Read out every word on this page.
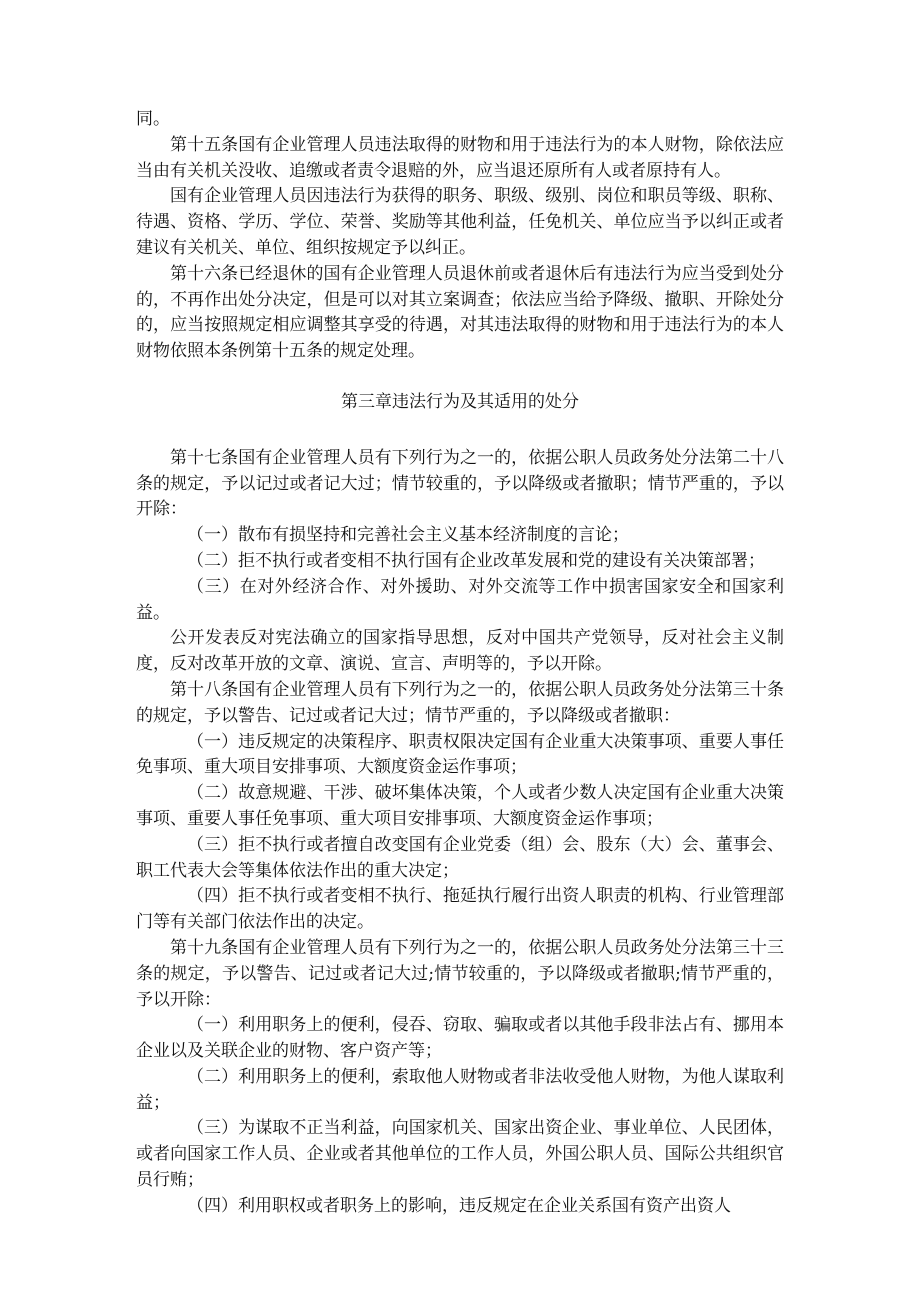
同。

第十五条国有企业管理人员违法取得的财物和用于违法行为的本人财物，除依法应当由有关机关没收、追缴或者责令退赔的外，应当退还原所有人或者原持有人。

国有企业管理人员因违法行为获得的职务、职级、级别、岗位和职员等级、职称、待遇、资格、学历、学位、荣誉、奖励等其他利益，任免机关、单位应当予以纠正或者建议有关机关、单位、组织按规定予以纠正。

第十六条已经退休的国有企业管理人员退休前或者退休后有违法行为应当受到处分的，不再作出处分决定，但是可以对其立案调查；依法应当给予降级、撤职、开除处分的，应当按照规定相应调整其享受的待遇，对其违法取得的财物和用于违法行为的本人财物依照本条例第十五条的规定处理。

第三章违法行为及其适用的处分

第十七条国有企业管理人员有下列行为之一的，依据公职人员政务处分法第二十八条的规定，予以记过或者记大过；情节较重的，予以降级或者撤职；情节严重的，予以开除：

（一）散布有损坚持和完善社会主义基本经济制度的言论；

（二）拒不执行或者变相不执行国有企业改革发展和党的建设有关决策部署；

（三）在对外经济合作、对外援助、对外交流等工作中损害国家安全和国家利益。

公开发表反对宪法确立的国家指导思想，反对中国共产党领导，反对社会主义制度，反对改革开放的文章、演说、宣言、声明等的，予以开除。

第十八条国有企业管理人员有下列行为之一的，依据公职人员政务处分法第三十条的规定，予以警告、记过或者记大过；情节严重的，予以降级或者撤职：

（一）违反规定的决策程序、职责权限决定国有企业重大决策事项、重要人事任免事项、重大项目安排事项、大额度资金运作事项；

（二）故意规避、干涉、破坏集体决策，个人或者少数人决定国有企业重大决策事项、重要人事任免事项、重大项目安排事项、大额度资金运作事项；

（三）拒不执行或者擅自改变国有企业党委（组）会、股东（大）会、董事会、职工代表大会等集体依法作出的重大决定；

（四）拒不执行或者变相不执行、拖延执行履行出资人职责的机构、行业管理部门等有关部门依法作出的决定。

第十九条国有企业管理人员有下列行为之一的，依据公职人员政务处分法第三十三条的规定，予以警告、记过或者记大过;情节较重的，予以降级或者撤职;情节严重的，予以开除：

（一）利用职务上的便利，侵吞、窃取、骗取或者以其他手段非法占有、挪用本企业以及关联企业的财物、客户资产等；

（二）利用职务上的便利，索取他人财物或者非法收受他人财物，为他人谋取利益；

（三）为谋取不正当利益，向国家机关、国家出资企业、事业单位、人民团体，或者向国家工作人员、企业或者其他单位的工作人员，外国公职人员、国际公共组织官员行贿；

（四）利用职权或者职务上的影响，违反规定在企业关系国有资产出资人
